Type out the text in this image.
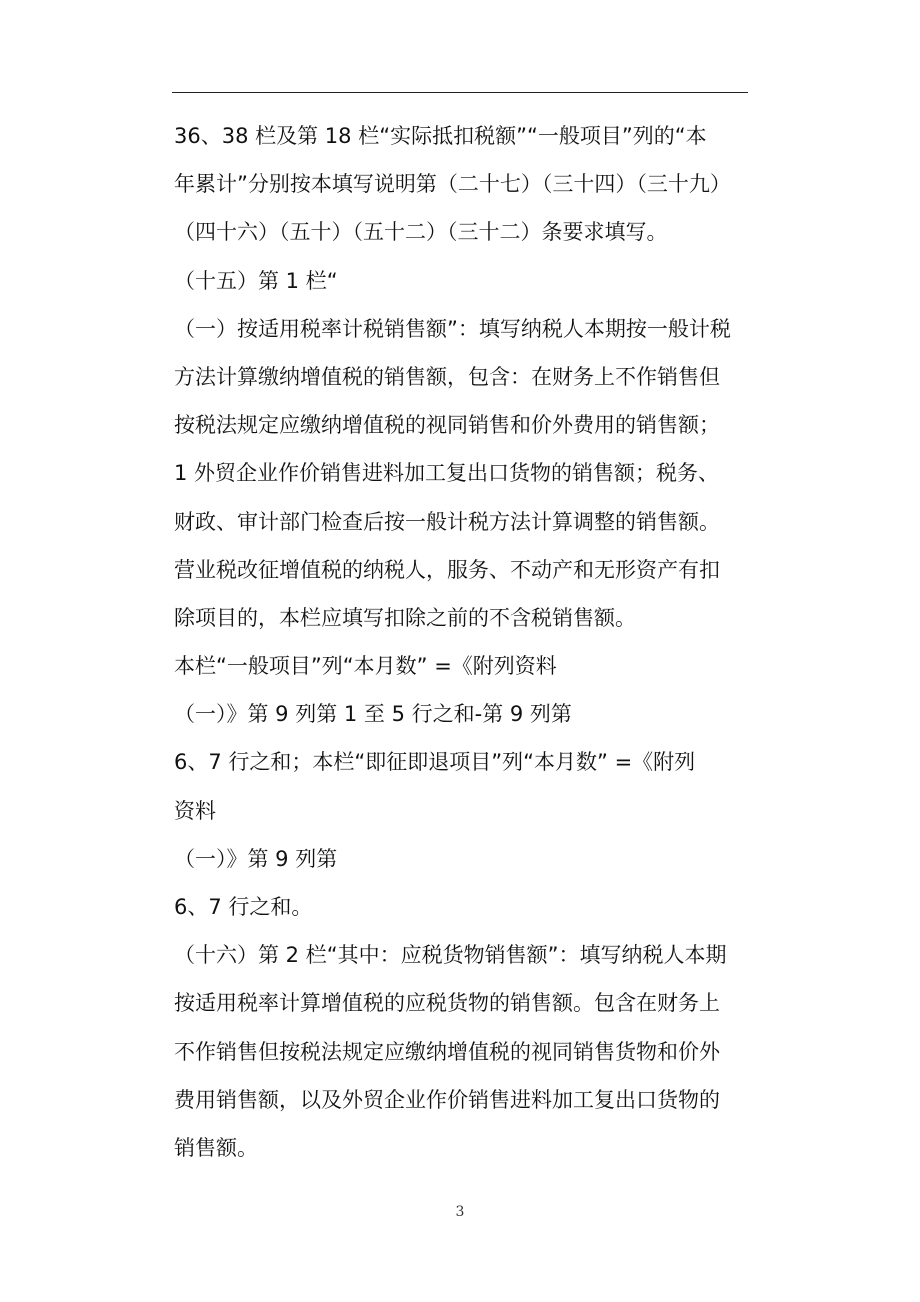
36、38 栏及第 18 栏“实际抵扣税额”“一般项目”列的“本
年累计”分别按本填写说明第（二十七）（三十四）（三十九）
（四十六）（五十）（五十二）（三十二）条要求填写。
（十五）第 1 栏“
（一）按适用税率计税销售额”：填写纳税人本期按一般计税
方法计算缴纳增值税的销售额，包含：在财务上不作销售但
按税法规定应缴纳增值税的视同销售和价外费用的销售额；
1 外贸企业作价销售进料加工复出口货物的销售额；税务、
财政、审计部门检查后按一般计税方法计算调整的销售额。
营业税改征增值税的纳税人，服务、不动产和无形资产有扣
除项目的，本栏应填写扣除之前的不含税销售额。
本栏“一般项目”列“本月数” =《附列资料
（一）》第 9 列第 1 至 5 行之和-第 9 列第
6、7 行之和；本栏“即征即退项目”列“本月数” =《附列
资料
（一）》第 9 列第
6、7 行之和。
（十六）第 2 栏“其中：应税货物销售额”：填写纳税人本期
按适用税率计算增值税的应税货物的销售额。包含在财务上
不作销售但按税法规定应缴纳增值税的视同销售货物和价外
费用销售额，以及外贸企业作价销售进料加工复出口货物的
销售额。
3
